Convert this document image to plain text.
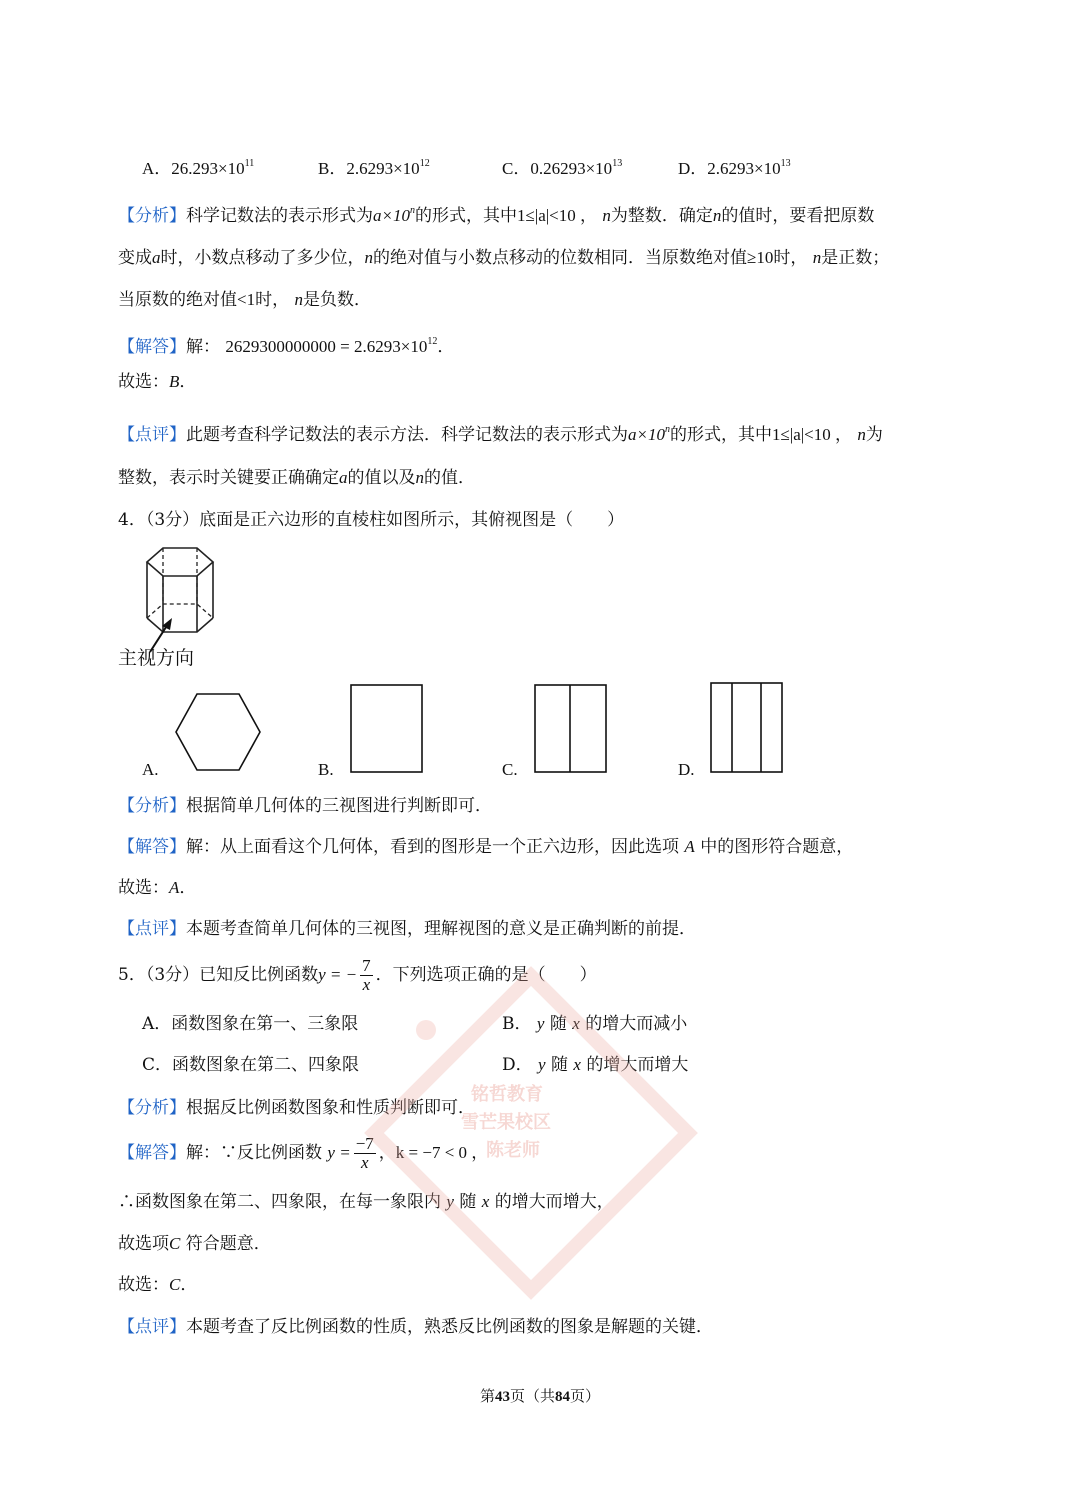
A．$26.293\times 10^{11}$	B．$2.6293\times 10^{12}$	C．$0.26293\times 10^{13}$	D．$2.6293\times 10^{13}$
【分析】科学记数法的表示形式为$a\times 10^n$的形式，其中1≤|a|<10 ， n为整数．确定n的值时，要看把原数
变成a时，小数点移动了多少位，n的绝对值与小数点移动的位数相同．当原数绝对值≥10时， n是正数；
当原数的绝对值<1时， n是负数．
【解答】解： $2629300000000 = 2.6293\times 10^{12}$．
故选：B．
【点评】此题考查科学记数法的表示方法．科学记数法的表示形式为$a\times 10^n$的形式，其中1≤|a|<10 ， n为
整数，表示时关键要正确确定a的值以及n的值．
4．（3分）底面是正六边形的直棱柱如图所示，其俯视图是（　　）
主视方向
A.	B.	C.	D.
【分析】根据简单几何体的三视图进行判断即可．
【解答】解：从上面看这个几何体，看到的图形是一个正六边形，因此选项 A 中的图形符合题意，
故选：A．
【点评】本题考查简单几何体的三视图，理解视图的意义是正确判断的前提．
5．（3分）已知反比例函数y = − $\frac{7}{x}$ ．下列选项正确的是（　　）
A．函数图象在第一、三象限	B． y 随 x 的增大而减小
C．函数图象在第二、四象限	D． y 随 x 的增大而增大
【分析】根据反比例函数图象和性质判断即可．
【解答】解：∵反比例函数 $y = \frac{-7}{x}$ ，k = −7 < 0 ，
∴函数图象在第二、四象限，在每一象限内 y 随 x 的增大而增大，
故选项C 符合题意．
故选：C．
【点评】本题考查了反比例函数的性质，熟悉反比例函数的图象是解题的关键．
铭哲教育
雪芒果校区
陈老师
第43页（共84页）
